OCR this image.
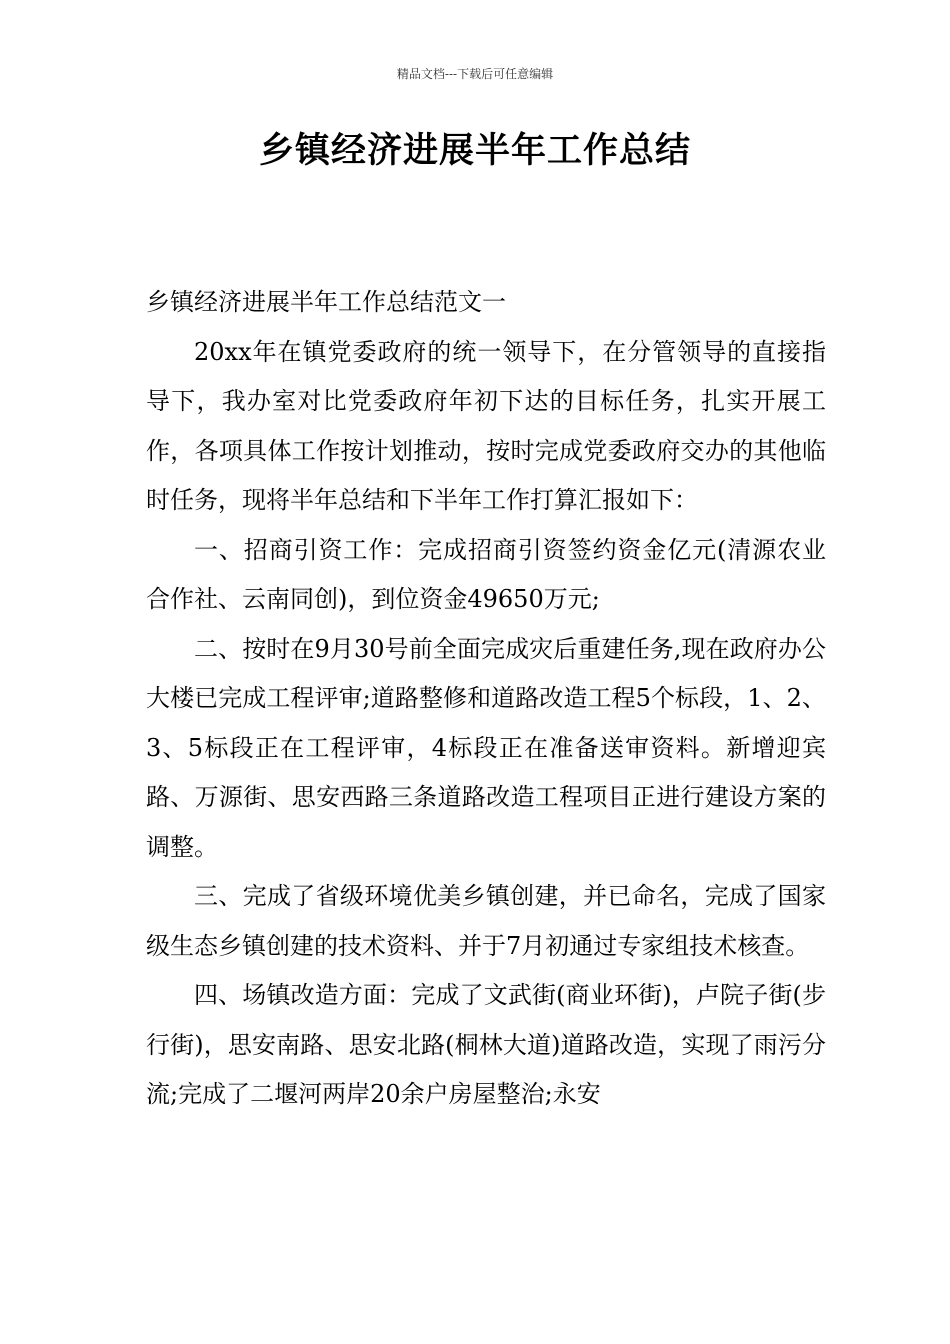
精品文档---下载后可任意编辑
乡镇经济进展半年工作总结

乡镇经济进展半年工作总结范文一

20xx年在镇党委政府的统一领导下，在分管领导的直接指导下，我办室对比党委政府年初下达的目标任务，扎实开展工作，各项具体工作按计划推动，按时完成党委政府交办的其他临时任务，现将半年总结和下半年工作打算汇报如下：

一、招商引资工作：完成招商引资签约资金亿元(清源农业合作社、云南同创)，到位资金49650万元;

二、按时在9月30号前全面完成灾后重建任务,现在政府办公大楼已完成工程评审;道路整修和道路改造工程5个标段，1、2、3、5标段正在工程评审，4标段正在准备送审资料。新增迎宾路、万源街、思安西路三条道路改造工程项目正进行建设方案的调整。

三、完成了省级环境优美乡镇创建，并已命名，完成了国家级生态乡镇创建的技术资料、并于7月初通过专家组技术核查。

四、场镇改造方面：完成了文武街(商业环街)，卢院子街(步行街)，思安南路、思安北路(桐林大道)道路改造，实现了雨污分流;完成了二堰河两岸20余户房屋整治;永安
